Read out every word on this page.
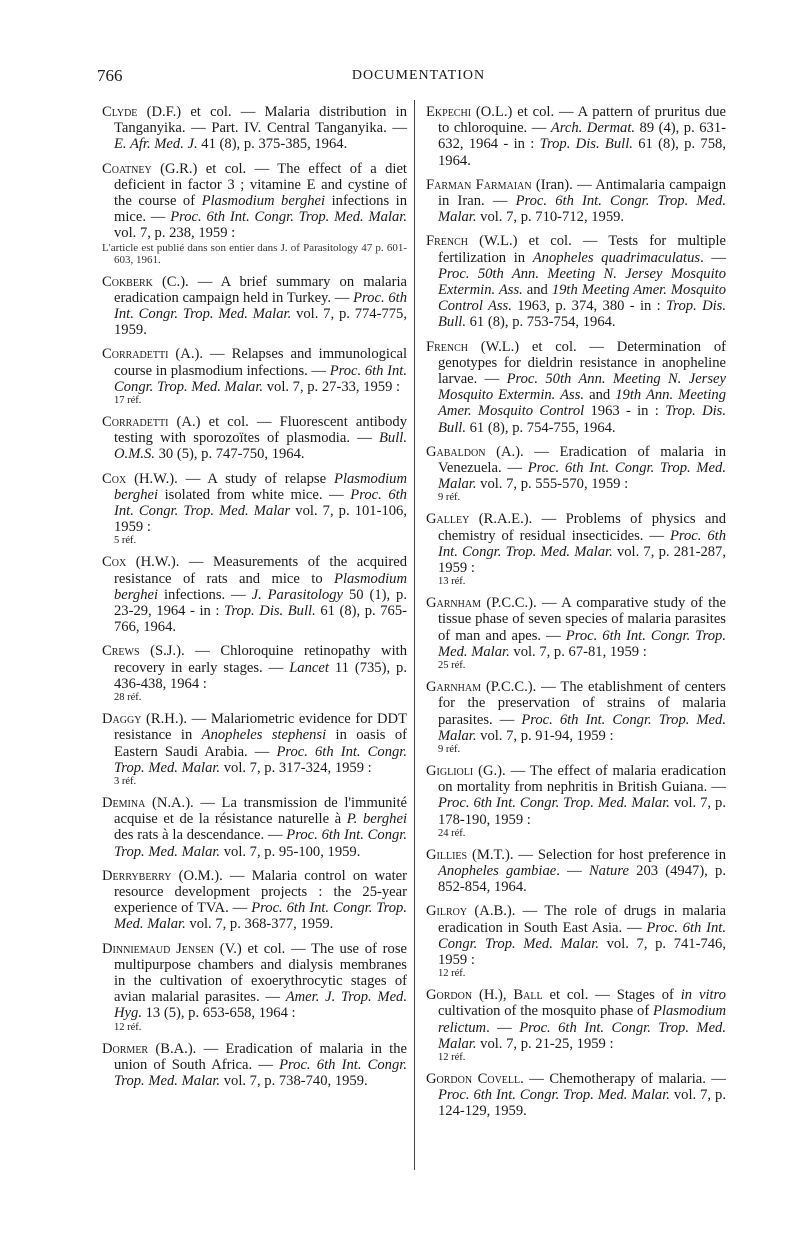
766	DOCUMENTATION
Clyde (D.F.) et col. — Malaria distribution in Tanganyika. — Part. IV. Central Tanganyika. — E. Afr. Med. J. 41 (8), p. 375-385, 1964.
Coatney (G.R.) et col. — The effect of a diet deficient in factor 3 ; vitamine E and cystine of the course of Plasmodium berghei infections in mice. — Proc. 6th Int. Congr. Trop. Med. Malar. vol. 7, p. 238, 1959 :
L'article est publié dans son entier dans J. of Parasitology 47 p. 601-603, 1961.
Cokberk (C.). — A brief summary on malaria eradication campaign held in Turkey. — Proc. 6th Int. Congr. Trop. Med. Malar. vol. 7, p. 774-775, 1959.
Corradetti (A.). — Relapses and immunological course in plasmodium infections. — Proc. 6th Int. Congr. Trop. Med. Malar. vol. 7, p. 27-33, 1959 :
17 réf.
Corradetti (A.) et col. — Fluorescent antibody testing with sporozoïtes of plasmodia. — Bull. O.M.S. 30 (5), p. 747-750, 1964.
Cox (H.W.). — A study of relapse Plasmodium berghei isolated from white mice. — Proc. 6th Int. Congr. Trop. Med. Malar vol. 7, p. 101-106, 1959 :
5 réf.
Cox (H.W.). — Measurements of the acquired resistance of rats and mice to Plasmodium berghei infections. — J. Parasitology 50 (1), p. 23-29, 1964 - in : Trop. Dis. Bull. 61 (8), p. 765-766, 1964.
Crews (S.J.). — Chloroquine retinopathy with recovery in early stages. — Lancet 11 (735), p. 436-438, 1964 :
28 réf.
Daggy (R.H.). — Malariometric evidence for DDT resistance in Anopheles stephensi in oasis of Eastern Saudi Arabia. — Proc. 6th Int. Congr. Trop. Med. Malar. vol. 7, p. 317-324, 1959 :
3 réf.
Demina (N.A.). — La transmission de l'immunité acquise et de la résistance naturelle à P. berghei des rats à la descendance. — Proc. 6th Int. Congr. Trop. Med. Malar. vol. 7, p. 95-100, 1959.
Derryberry (O.M.). — Malaria control on water resource development projects : the 25-year experience of TVA. — Proc. 6th Int. Congr. Trop. Med. Malar. vol. 7, p. 368-377, 1959.
Dinniemaud Jensen (V.) et col. — The use of rose multipurpose chambers and dialysis membranes in the cultivation of exoerythrocytic stages of avian malarial parasites. — Amer. J. Trop. Med. Hyg. 13 (5), p. 653-658, 1964 :
12 réf.
Dormer (B.A.). — Eradication of malaria in the union of South Africa. — Proc. 6th Int. Congr. Trop. Med. Malar. vol. 7, p. 738-740, 1959.
Ekpechi (O.L.) et col. — A pattern of pruritus due to chloroquine. — Arch. Dermat. 89 (4), p. 631-632, 1964 - in : Trop. Dis. Bull. 61 (8), p. 758, 1964.
Farman Farmaian (Iran). — Antimalaria campaign in Iran. — Proc. 6th Int. Congr. Trop. Med. Malar. vol. 7, p. 710-712, 1959.
French (W.L.) et col. — Tests for multiple fertilization in Anopheles quadrimaculatus. — Proc. 50th Ann. Meeting N. Jersey Mosquito Extermin. Ass. and 19th Meeting Amer. Mosquito Control Ass. 1963, p. 374, 380 - in : Trop. Dis. Bull. 61 (8), p. 753-754, 1964.
French (W.L.) et col. — Determination of genotypes for dieldrin resistance in anopheline larvae. — Proc. 50th Ann. Meeting N. Jersey Mosquito Extermin. Ass. and 19th Ann. Meeting Amer. Mosquito Control 1963 - in : Trop. Dis. Bull. 61 (8), p. 754-755, 1964.
Gabaldon (A.). — Eradication of malaria in Venezuela. — Proc. 6th Int. Congr. Trop. Med. Malar. vol. 7, p. 555-570, 1959 :
9 réf.
Galley (R.A.E.). — Problems of physics and chemistry of residual insecticides. — Proc. 6th Int. Congr. Trop. Med. Malar. vol. 7, p. 281-287, 1959 :
13 réf.
Garnham (P.C.C.). — A comparative study of the tissue phase of seven species of malaria parasites of man and apes. — Proc. 6th Int. Congr. Trop. Med. Malar. vol. 7, p. 67-81, 1959 :
25 réf.
Garnham (P.C.C.). — The etablishment of centers for the preservation of strains of malaria parasites. — Proc. 6th Int. Congr. Trop. Med. Malar. vol. 7, p. 91-94, 1959 :
9 réf.
Giglioli (G.). — The effect of malaria eradication on mortality from nephritis in British Guiana. — Proc. 6th Int. Congr. Trop. Med. Malar. vol. 7, p. 178-190, 1959 :
24 réf.
Gillies (M.T.). — Selection for host preference in Anopheles gambiae. — Nature 203 (4947), p. 852-854, 1964.
Gilroy (A.B.). — The role of drugs in malaria eradication in South East Asia. — Proc. 6th Int. Congr. Trop. Med. Malar. vol. 7, p. 741-746, 1959 :
12 réf.
Gordon (H.), Ball et col. — Stages of in vitro cultivation of the mosquito phase of Plasmodium relictum. — Proc. 6th Int. Congr. Trop. Med. Malar. vol. 7, p. 21-25, 1959 :
12 réf.
Gordon Covell. — Chemotherapy of malaria. — Proc. 6th Int. Congr. Trop. Med. Malar. vol. 7, p. 124-129, 1959.
